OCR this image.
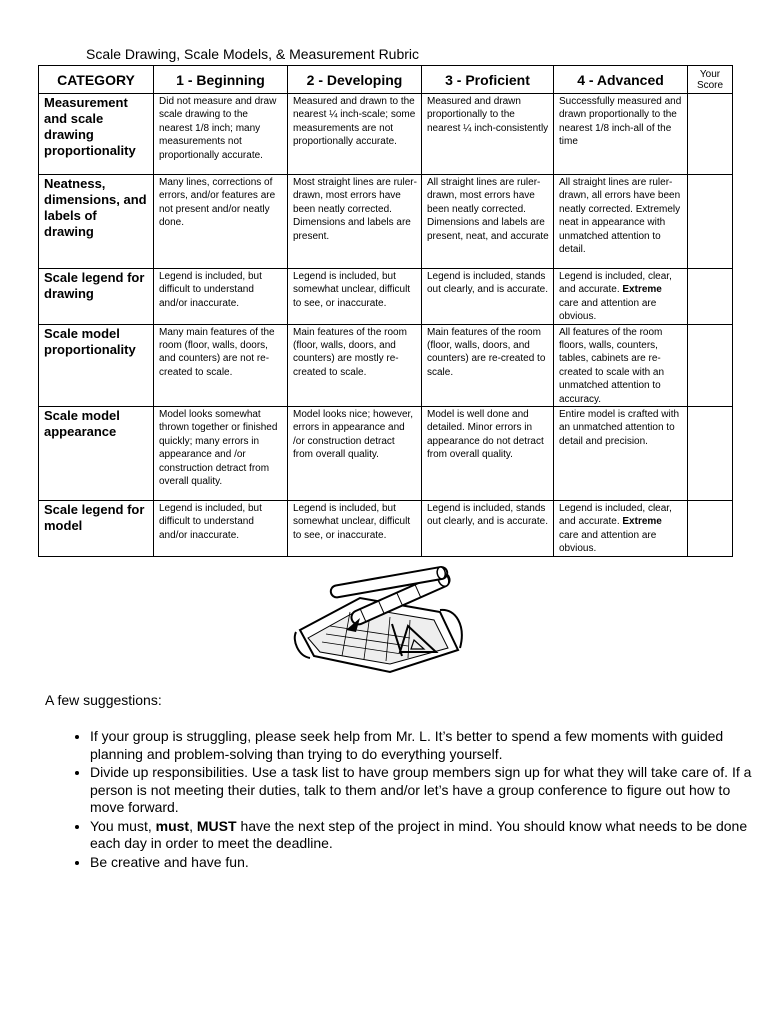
Scale Drawing, Scale Models, & Measurement Rubric
CATEGORY	1 - Beginning	2 - Developing	3 - Proficient	4 - Advanced	Your Score
Measurement and scale drawing proportionality	Did not measure and draw scale drawing to the nearest 1/8 inch; many measurements not proportionally accurate.	Measured and drawn to the nearest ¼ inch-scale; some measurements are not proportionally accurate.	Measured and drawn proportionally to the nearest ¼ inch-consistently	Successfully measured and drawn proportionally to the nearest 1/8 inch-all of the time	
Neatness, dimensions, and labels of drawing	Many lines, corrections of errors, and/or features are not present and/or neatly done.	Most straight lines are ruler-drawn, most errors have been neatly corrected. Dimensions and labels are present.	All straight lines are ruler-drawn, most errors have been neatly corrected. Dimensions and labels are present, neat, and accurate	All straight lines are ruler-drawn, all errors have been neatly corrected. Extremely neat in appearance with unmatched attention to detail.	
Scale legend for drawing	Legend is included, but difficult to understand and/or inaccurate.	Legend is included, but somewhat unclear, difficult to see, or inaccurate.	Legend is included, stands out clearly, and is accurate.	Legend is included, clear, and accurate. Extreme care and attention are obvious.	
Scale model proportionality	Many main features of the room (floor, walls, doors, and counters) are not re-created to scale.	Main features of the room (floor, walls, doors, and counters) are mostly re-created to scale.	Main features of the room (floor, walls, doors, and counters) are re-created to scale.	All features of the room floors, walls, counters, tables, cabinets are re-created to scale with an unmatched attention to accuracy.	
Scale model appearance	Model looks somewhat thrown together or finished quickly; many errors in appearance and /or construction detract from overall quality.	Model looks nice; however, errors in appearance and /or construction detract from overall quality.	Model is well done and detailed. Minor errors in appearance do not detract from overall quality.	Entire model is crafted with an unmatched attention to detail and precision.	
Scale legend for model	Legend is included, but difficult to understand and/or inaccurate.	Legend is included, but somewhat unclear, difficult to see, or inaccurate.	Legend is included, stands out clearly, and is accurate.	Legend is included, clear, and accurate. Extreme care and attention are obvious.	
A few suggestions:
• If your group is struggling, please seek help from Mr. L. It’s better to spend a few moments with guided planning and problem-solving than trying to do everything yourself.
• Divide up responsibilities. Use a task list to have group members sign up for what they will take care of. If a person is not meeting their duties, talk to them and/or let’s have a group conference to figure out how to move forward.
• You must, must, MUST have the next step of the project in mind. You should know what needs to be done each day in order to meet the deadline.
• Be creative and have fun.
